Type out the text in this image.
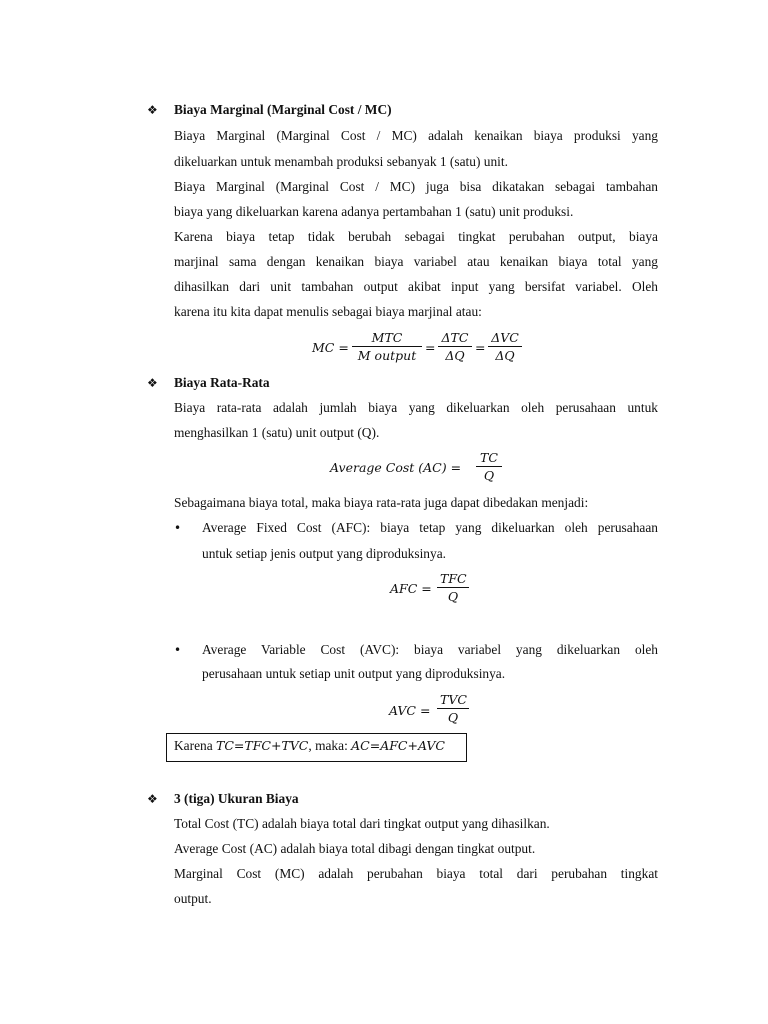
❖ Biaya Marginal (Marginal Cost / MC)
Biaya Marginal (Marginal Cost / MC) adalah kenaikan biaya produksi yang
dikeluarkan untuk menambah produksi sebanyak 1 (satu) unit.
Biaya Marginal (Marginal Cost / MC) juga bisa dikatakan sebagai tambahan
biaya yang dikeluarkan karena adanya pertambahan 1 (satu) unit produksi.
Karena biaya tetap tidak berubah sebagai tingkat perubahan output, biaya
marjinal sama dengan kenaikan biaya variabel atau kenaikan biaya total yang
dihasilkan dari unit tambahan output akibat input yang bersifat variabel. Oleh
karena itu kita dapat menulis sebagai biaya marjinal atau:
MC =
MTC
M output
=
ΔTC
ΔQ
=
ΔVC
ΔQ
❖ Biaya Rata-Rata
Biaya rata-rata adalah jumlah biaya yang dikeluarkan oleh perusahaan untuk
menghasilkan 1 (satu) unit output (Q).
Average Cost $(AC) = \frac{TC}{Q}$
Sebagaimana biaya total, maka biaya rata-rata juga dapat dibedakan menjadi:
• Average Fixed Cost (AFC): biaya tetap yang dikeluarkan oleh perusahaan
untuk setiap jenis output yang diproduksinya.
AFC =
TFC
Q
• Average Variable Cost (AVC): biaya variabel yang dikeluarkan oleh
perusahaan untuk setiap unit output yang diproduksinya.
AVC =
TVC
Q
Karena TC=TFC+TVC, maka: AC=AFC+AVC
❖ 3 (tiga) Ukuran Biaya
Total Cost (TC) adalah biaya total dari tingkat output yang dihasilkan.
Average Cost (AC) adalah biaya total dibagi dengan tingkat output.
Marginal Cost (MC) adalah perubahan biaya total dari perubahan tingkat
output.
